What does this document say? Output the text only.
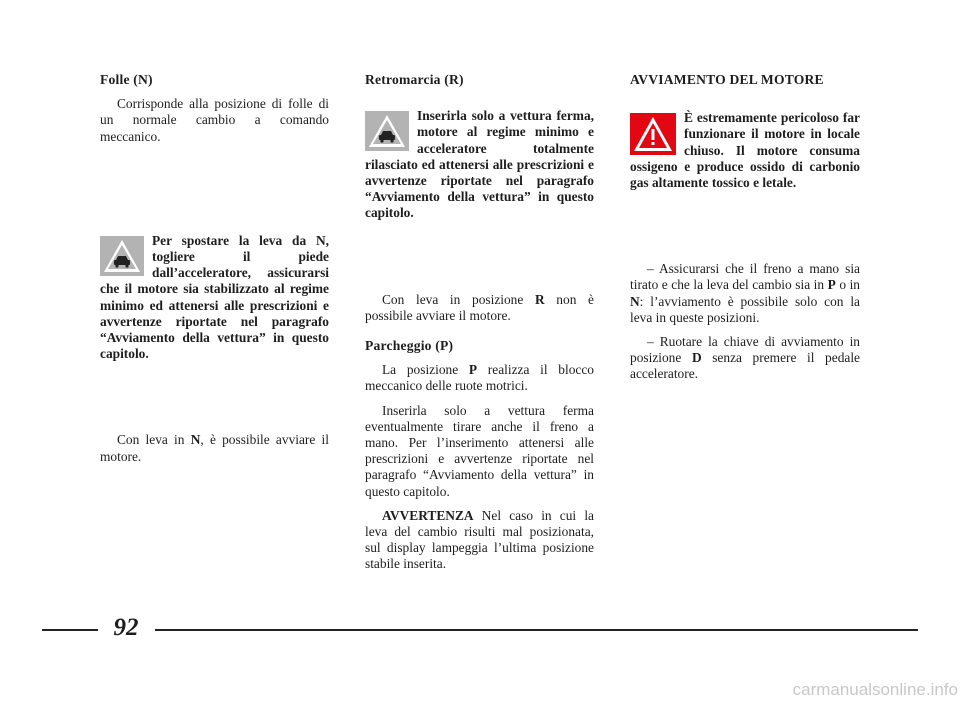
Folle (N)

Corrisponde alla posizione di folle di un normale cambio a comando meccanico.

Per spostare la leva da N, togliere il piede dall’acceleratore, assicurarsi che il motore sia stabilizzato al regime minimo ed attenersi alle prescrizioni e avvertenze riportate nel paragrafo “Avviamento della vettura” in questo capitolo.

Con leva in N, è possibile avviare il motore.

Retromarcia (R)

Inserirla solo a vettura ferma, motore al regime minimo e acceleratore totalmente rilasciato ed attenersi alle prescrizioni e avvertenze riportate nel paragrafo “Avviamento della vettura” in questo capitolo.

Con leva in posizione R non è possibile avviare il motore.

Parcheggio (P)

La posizione P realizza il blocco meccanico delle ruote motrici.

Inserirla solo a vettura ferma eventualmente tirare anche il freno a mano. Per l’inserimento attenersi alle prescrizioni e avvertenze riportate nel paragrafo “Avviamento della vettura” in questo capitolo.

AVVERTENZA Nel caso in cui la leva del cambio risulti mal posizionata, sul display lampeggia l’ultima posizione stabile inserita.

AVVIAMENTO DEL MOTORE

È estremamente pericoloso far funzionare il motore in locale chiuso. Il motore consuma ossigeno e produce ossido di carbonio gas altamente tossico e letale.

– Assicurarsi che il freno a mano sia tirato e che la leva del cambio sia in P o in N: l’avviamento è possibile solo con la leva in queste posizioni.

– Ruotare la chiave di avviamento in posizione D senza premere il pedale acceleratore.

92
carmanualsonline.info
